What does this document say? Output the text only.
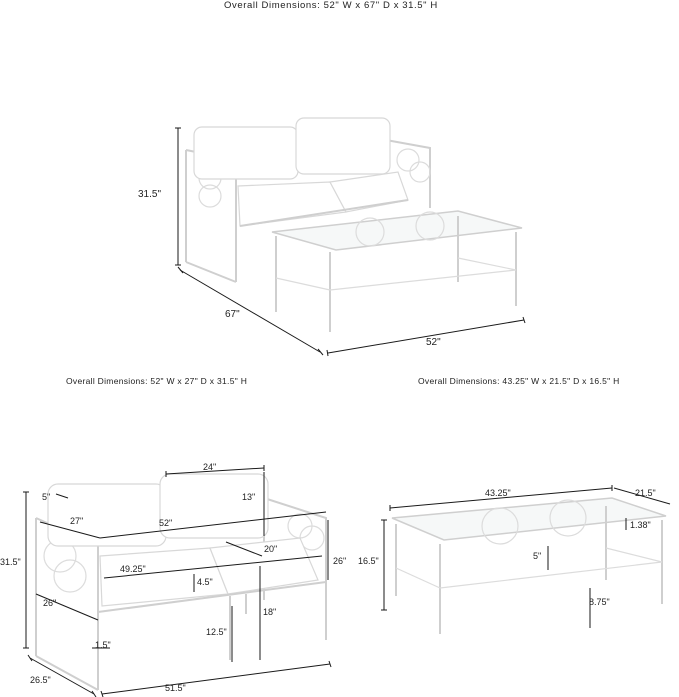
Overall Dimensions: 52" W x 67" D x 31.5" H
Overall Dimensions: 52" W x 27" D x 31.5" H	Overall Dimensions: 43.25" W x 21.5" D x 16.5" H
31.5"
67"
52"
31.5"
24"
13"
5"
27"	52"
20"
26"
49.25"
4.5"
26"
18"
12.5"
1.5"
26.5"
51.5"
43.25"	21.5"
1.38"
16.5"	5"
8.75"
